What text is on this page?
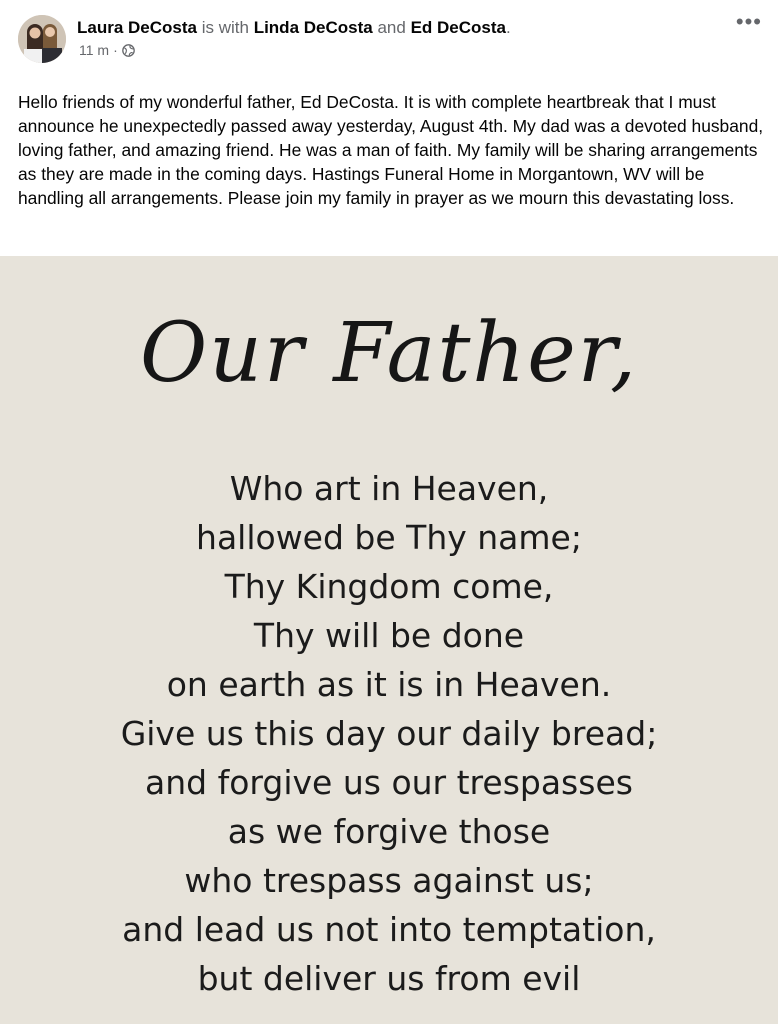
Laura DeCosta is with Linda DeCosta and Ed DeCosta.
11 m ·
•••
Hello friends of my wonderful father, Ed DeCosta. It is with complete heartbreak that I must announce he unexpectedly passed away yesterday, August 4th. My dad was a devoted husband, loving father, and amazing friend. He was a man of faith. My family will be sharing arrangements as they are made in the coming days. Hastings Funeral Home in Morgantown, WV will be handling all arrangements. Please join my family in prayer as we mourn this devastating loss.
Our Father,
Who art in Heaven,
hallowed be Thy name;
Thy Kingdom come,
Thy will be done
on earth as it is in Heaven.
Give us this day our daily bread;
and forgive us our trespasses
as we forgive those
who trespass against us;
and lead us not into temptation,
but deliver us from evil
